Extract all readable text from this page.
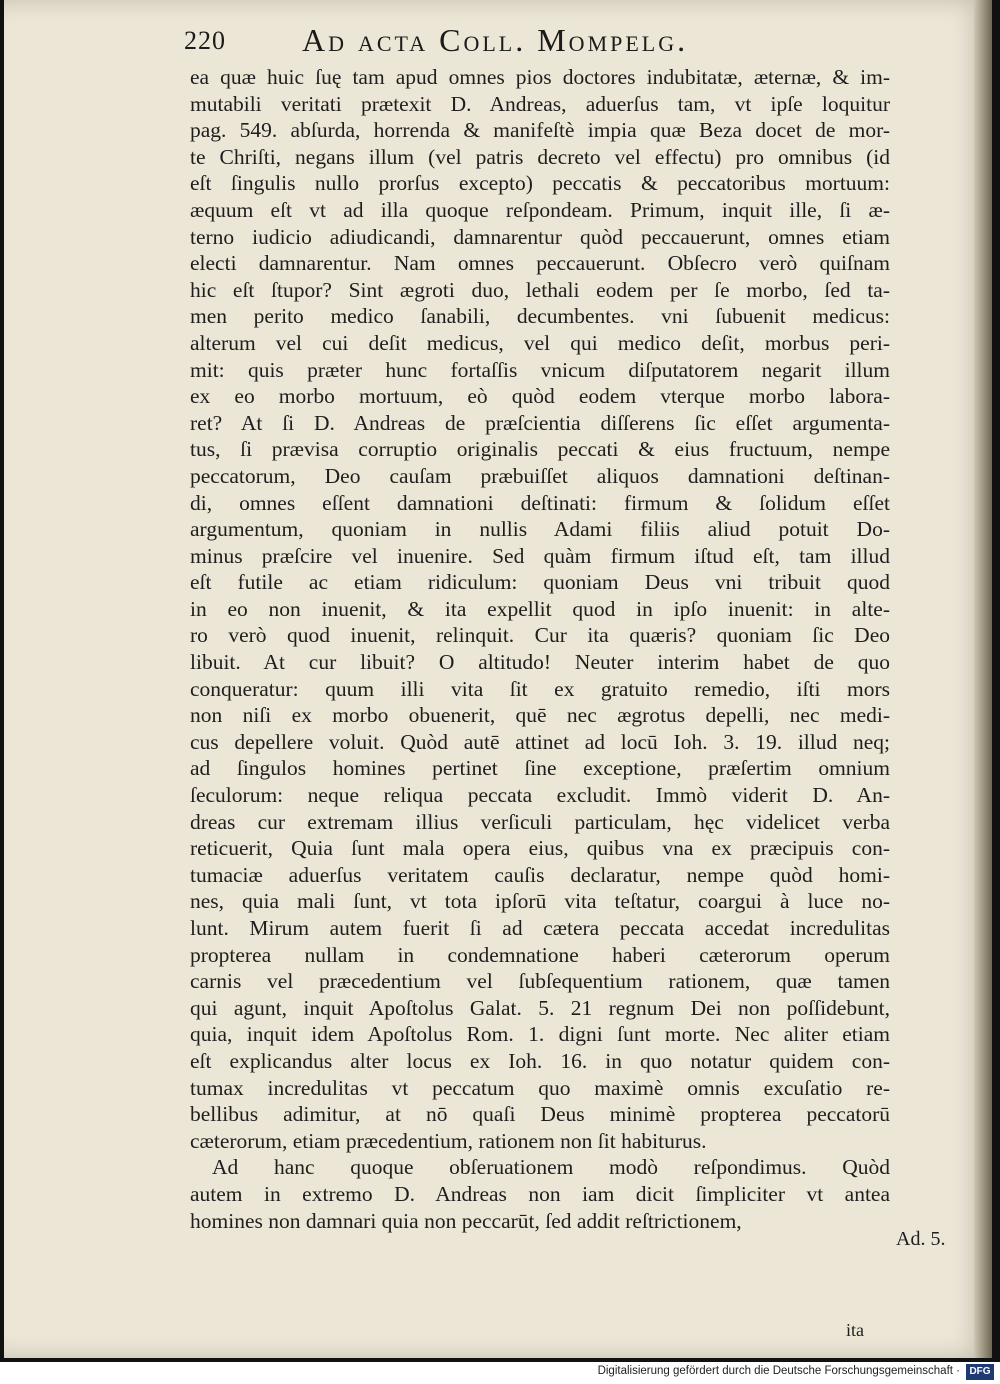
220 Ad acta Coll. Mompelg.
ea quæ huic ſuę tam apud omnes pios doctores indubitatæ, æternæ, & im-
mutabili veritati prætexit D. Andreas, aduerſus tam, vt ipſe loquitur
pag. 549. abſurda, horrenda & manifeſtè impia quæ Beza docet de mor-
te Chriſti, negans illum (vel patris decreto vel effectu) pro omnibus (id
eſt ſingulis nullo prorſus excepto) peccatis & peccatoribus mortuum:
æquum eſt vt ad illa quoque reſpondeam. Primum, inquit ille, ſi æ-
terno iudicio adiudicandi, damnarentur quòd peccauerunt, omnes etiam
electi damnarentur. Nam omnes peccauerunt. Obſecro verò quiſnam
hic eſt ſtupor? Sint ægroti duo, lethali eodem per ſe morbo, ſed ta-
men perito medico ſanabili, decumbentes. vni ſubuenit medicus:
alterum vel cui deſit medicus, vel qui medico deſit, morbus peri-
mit: quis præter hunc fortaſſis vnicum diſputatorem negarit illum
ex eo morbo mortuum, eò quòd eodem vterque morbo labora-
ret? At ſi D. Andreas de præſcientia diſſerens ſic eſſet argumenta-
tus, ſi prævisa corruptio originalis peccati & eius fructuum, nempe
peccatorum, Deo cauſam præbuiſſet aliquos damnationi deſtinan-
di, omnes eſſent damnationi deſtinati: firmum & ſolidum eſſet
argumentum, quoniam in nullis Adami filiis aliud potuit Do-
minus præſcire vel inuenire. Sed quàm firmum iſtud eſt, tam illud
eſt futile ac etiam ridiculum: quoniam Deus vni tribuit quod
in eo non inuenit, & ita expellit quod in ipſo inuenit: in alte-
ro verò quod inuenit, relinquit. Cur ita quæris? quoniam ſic Deo
libuit. At cur libuit? O altitudo! Neuter interim habet de quo
conqueratur: quum illi vita ſit ex gratuito remedio, iſti mors
non niſi ex morbo obuenerit, quē nec ægrotus depelli, nec medi-
cus depellere voluit. Quòd autē attinet ad locū Ioh. 3. 19. illud neq;
ad ſingulos homines pertinet ſine exceptione, præſertim omnium
ſeculorum: neque reliqua peccata excludit. Immò viderit D. An-
dreas cur extremam illius verſiculi particulam, hęc videlicet verba
reticuerit, Quia ſunt mala opera eius, quibus vna ex præcipuis con-
tumaciæ aduerſus veritatem cauſis declaratur, nempe quòd homi-
nes, quia mali ſunt, vt tota ipſorū vita teſtatur, coargui à luce no-
lunt. Mirum autem fuerit ſi ad cætera peccata accedat incredulitas
propterea nullam in condemnatione haberi cæterorum operum
carnis vel præcedentium vel ſubſequentium rationem, quæ tamen
qui agunt, inquit Apoſtolus Galat. 5. 21 regnum Dei non poſſidebunt,
quia, inquit idem Apoſtolus Rom. 1. digni ſunt morte. Nec aliter etiam
eſt explicandus alter locus ex Ioh. 16. in quo notatur quidem con-
tumax incredulitas vt peccatum quo maximè omnis excuſatio re-
bellibus adimitur, at nō quaſi Deus minimè propterea peccatorū
cæterorum, etiam præcedentium, rationem non ſit habiturus.
Ad hanc quoque obſeruationem modò reſpondimus. Quòd
autem in extremo D. Andreas non iam dicit ſimpliciter vt antea
homines non damnari quia non peccarūt, ſed addit reſtrictionem,
Ad. 5.
ita
Digitalisierung gefördert durch die Deutsche Forschungsgemeinschaft · DFG
